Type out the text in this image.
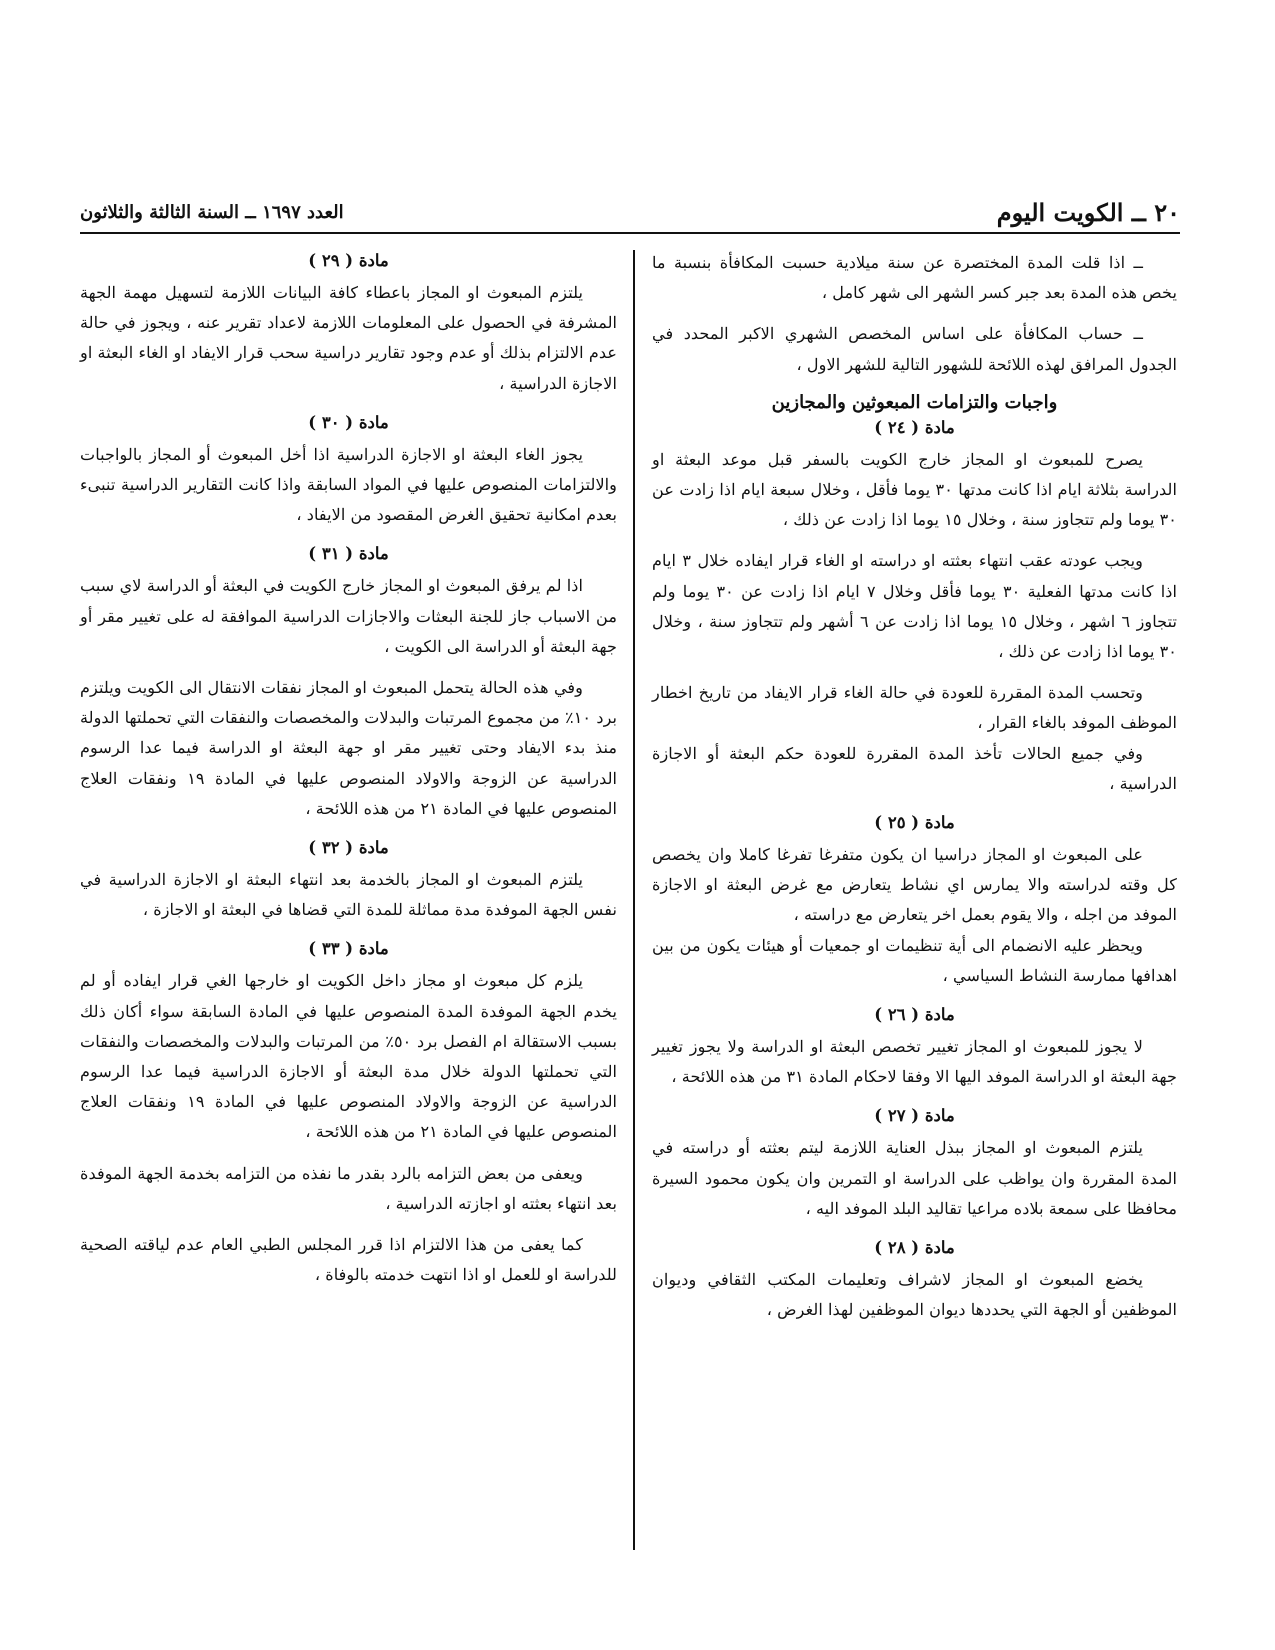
العدد ١٦٩٧ ــ السنة الثالثة والثلاثون	٢٠ ــ الكويت اليوم

ــ اذا قلت المدة المختصرة عن سنة ميلادية حسبت المكافأة بنسبة ما يخص هذه المدة بعد جبر كسر الشهر الى شهر كامل ،

ــ حساب المكافأة على اساس المخصص الشهري الاكبر المحدد في الجدول المرافق لهذه اللائحة للشهور التالية للشهر الاول ،

واجبات والتزامات المبعوثين والمجازين
مادة ( ٢٤ )

يصرح للمبعوث او المجاز خارج الكويت بالسفر قبل موعد البعثة او الدراسة بثلاثة ايام اذا كانت مدتها ٣٠ يوما فأقل ، وخلال سبعة ايام اذا زادت عن ٣٠ يوما ولم تتجاوز سنة ، وخلال ١٥ يوما اذا زادت عن ذلك ،

ويجب عودته عقب انتهاء بعثته او دراسته او الغاء قرار ايفاده خلال ٣ ايام اذا كانت مدتها الفعلية ٣٠ يوما فأقل وخلال ٧ ايام اذا زادت عن ٣٠ يوما ولم تتجاوز ٦ اشهر ، وخلال ١٥ يوما اذا زادت عن ٦ أشهر ولم تتجاوز سنة ، وخلال ٣٠ يوما اذا زادت عن ذلك ،

وتحسب المدة المقررة للعودة في حالة الغاء قرار الايفاد من تاريخ اخطار الموظف الموفد بالغاء القرار ،

وفي جميع الحالات تأخذ المدة المقررة للعودة حكم البعثة أو الاجازة الدراسية ،

مادة ( ٢٥ )

على المبعوث او المجاز دراسيا ان يكون متفرغا تفرغا كاملا وان يخصص كل وقته لدراسته والا يمارس اي نشاط يتعارض مع غرض البعثة او الاجازة الموفد من اجله ، والا يقوم بعمل اخر يتعارض مع دراسته ،

ويحظر عليه الانضمام الى أية تنظيمات او جمعيات أو هيئات يكون من بين اهدافها ممارسة النشاط السياسي ،

مادة ( ٢٦ )

لا يجوز للمبعوث او المجاز تغيير تخصص البعثة او الدراسة ولا يجوز تغيير جهة البعثة او الدراسة الموفد اليها الا وفقا لاحكام المادة ٣١ من هذه اللائحة ،

مادة ( ٢٧ )

يلتزم المبعوث او المجاز ببذل العناية اللازمة ليتم بعثته أو دراسته في المدة المقررة وان يواظب على الدراسة او التمرين وان يكون محمود السيرة محافظا على سمعة بلاده مراعيا تقاليد البلد الموفد اليه ،

مادة ( ٢٨ )

يخضع المبعوث او المجاز لاشراف وتعليمات المكتب الثقافي وديوان الموظفين أو الجهة التي يحددها ديوان الموظفين لهذا الغرض ،

مادة ( ٢٩ )

يلتزم المبعوث او المجاز باعطاء كافة البيانات اللازمة لتسهيل مهمة الجهة المشرفة في الحصول على المعلومات اللازمة لاعداد تقرير عنه ، ويجوز في حالة عدم الالتزام بذلك أو عدم وجود تقارير دراسية سحب قرار الايفاد او الغاء البعثة او الاجازة الدراسية ،

مادة ( ٣٠ )

يجوز الغاء البعثة او الاجازة الدراسية اذا أخل المبعوث أو المجاز بالواجبات والالتزامات المنصوص عليها في المواد السابقة واذا كانت التقارير الدراسية تنبىء بعدم امكانية تحقيق الغرض المقصود من الايفاد ،

مادة ( ٣١ )

اذا لم يرفق المبعوث او المجاز خارج الكويت في البعثة أو الدراسة لاي سبب من الاسباب جاز للجنة البعثات والاجازات الدراسية الموافقة له على تغيير مقر أو جهة البعثة أو الدراسة الى الكويت ،

وفي هذه الحالة يتحمل المبعوث او المجاز نفقات الانتقال الى الكويت ويلتزم برد ١٠٪ من مجموع المرتبات والبدلات والمخصصات والنفقات التي تحملتها الدولة منذ بدء الايفاد وحتى تغيير مقر او جهة البعثة او الدراسة فيما عدا الرسوم الدراسية عن الزوجة والاولاد المنصوص عليها في المادة ١٩ ونفقات العلاج المنصوص عليها في المادة ٢١ من هذه اللائحة ،

مادة ( ٣٢ )

يلتزم المبعوث او المجاز بالخدمة بعد انتهاء البعثة او الاجازة الدراسية في نفس الجهة الموفدة مدة مماثلة للمدة التي قضاها في البعثة او الاجازة ،

مادة ( ٣٣ )

يلزم كل مبعوث او مجاز داخل الكويت او خارجها الغي قرار ايفاده أو لم يخدم الجهة الموفدة المدة المنصوص عليها في المادة السابقة سواء أكان ذلك بسبب الاستقالة ام الفصل برد ٥٠٪ من المرتبات والبدلات والمخصصات والنفقات التي تحملتها الدولة خلال مدة البعثة أو الاجازة الدراسية فيما عدا الرسوم الدراسية عن الزوجة والاولاد المنصوص عليها في المادة ١٩ ونفقات العلاج المنصوص عليها في المادة ٢١ من هذه اللائحة ،

ويعفى من بعض التزامه بالرد بقدر ما نفذه من التزامه بخدمة الجهة الموفدة بعد انتهاء بعثته او اجازته الدراسية ،

كما يعفى من هذا الالتزام اذا قرر المجلس الطبي العام عدم لياقته الصحية للدراسة او للعمل او اذا انتهت خدمته بالوفاة ،
